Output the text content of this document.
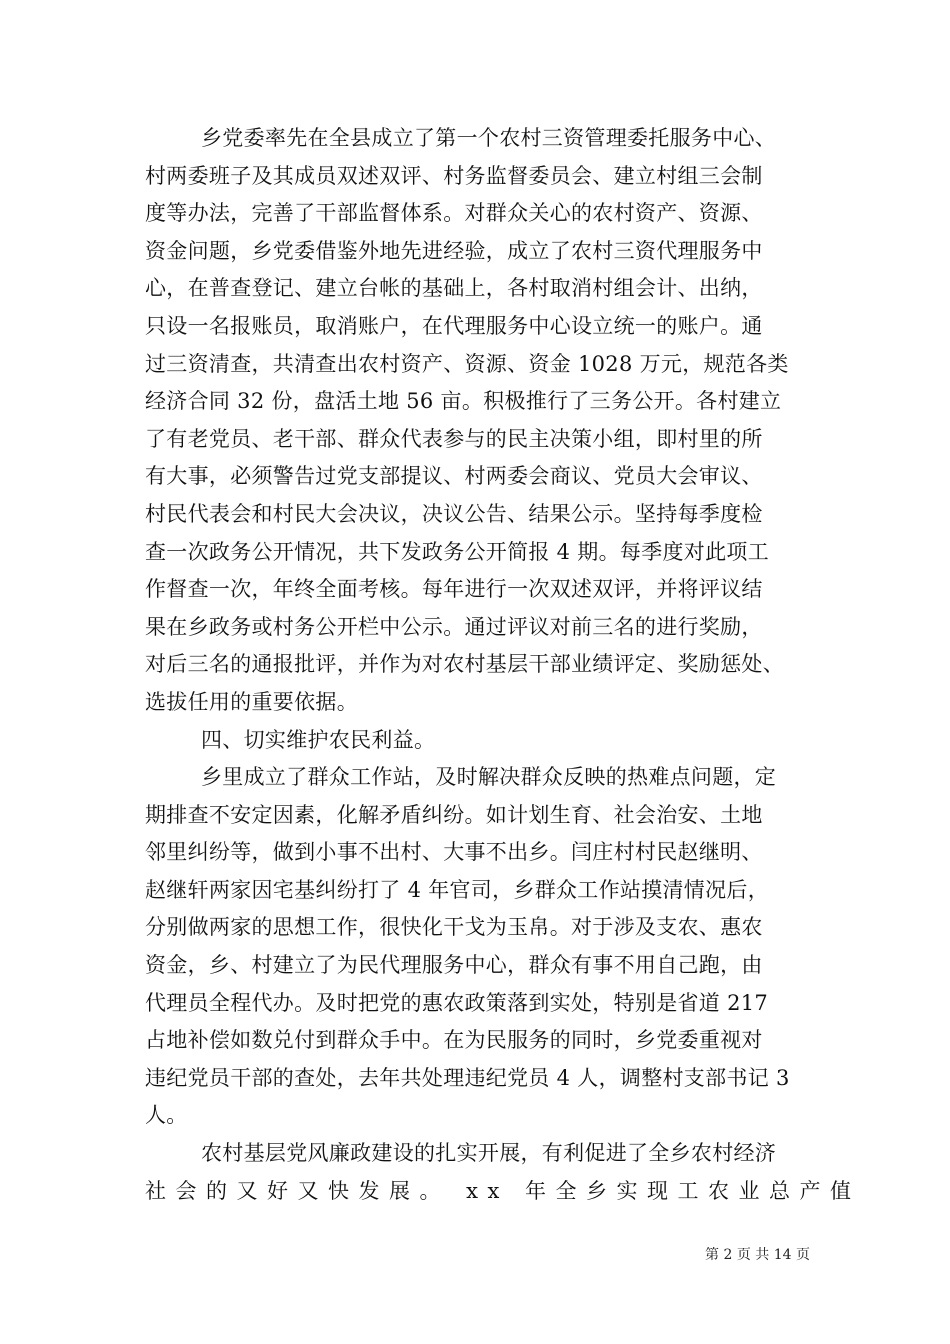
乡党委率先在全县成立了第一个农村三资管理委托服务中心、
村两委班子及其成员双述双评、村务监督委员会、建立村组三会制
度等办法，完善了干部监督体系。对群众关心的农村资产、资源、
资金问题，乡党委借鉴外地先进经验，成立了农村三资代理服务中
心，在普查登记、建立台帐的基础上，各村取消村组会计、出纳，
只设一名报账员，取消账户，在代理服务中心设立统一的账户。通
过三资清查，共清查出农村资产、资源、资金 1028 万元，规范各类
经济合同 32 份，盘活土地 56 亩。积极推行了三务公开。各村建立
了有老党员、老干部、群众代表参与的民主决策小组，即村里的所
有大事，必须警告过党支部提议、村两委会商议、党员大会审议、
村民代表会和村民大会决议，决议公告、结果公示。坚持每季度检
查一次政务公开情况，共下发政务公开简报 4 期。每季度对此项工
作督查一次，年终全面考核。每年进行一次双述双评，并将评议结
果在乡政务或村务公开栏中公示。通过评议对前三名的进行奖励，
对后三名的通报批评，并作为对农村基层干部业绩评定、奖励惩处、
选拔任用的重要依据。

四、切实维护农民利益。

乡里成立了群众工作站，及时解决群众反映的热难点问题，定
期排查不安定因素，化解矛盾纠纷。如计划生育、社会治安、土地
邻里纠纷等，做到小事不出村、大事不出乡。闫庄村村民赵继明、
赵继轩两家因宅基纠纷打了 4 年官司，乡群众工作站摸清情况后，
分别做两家的思想工作，很快化干戈为玉帛。对于涉及支农、惠农
资金，乡、村建立了为民代理服务中心，群众有事不用自己跑，由
代理员全程代办。及时把党的惠农政策落到实处，特别是省道 217
占地补偿如数兑付到群众手中。在为民服务的同时，乡党委重视对
违纪党员干部的查处，去年共处理违纪党员 4 人，调整村支部书记 3
人。

农村基层党风廉政建设的扎实开展，有利促进了全乡农村经济
社会的又好又快发展。 xx 年全乡实现工农业总产值

第 2 页 共 14 页
